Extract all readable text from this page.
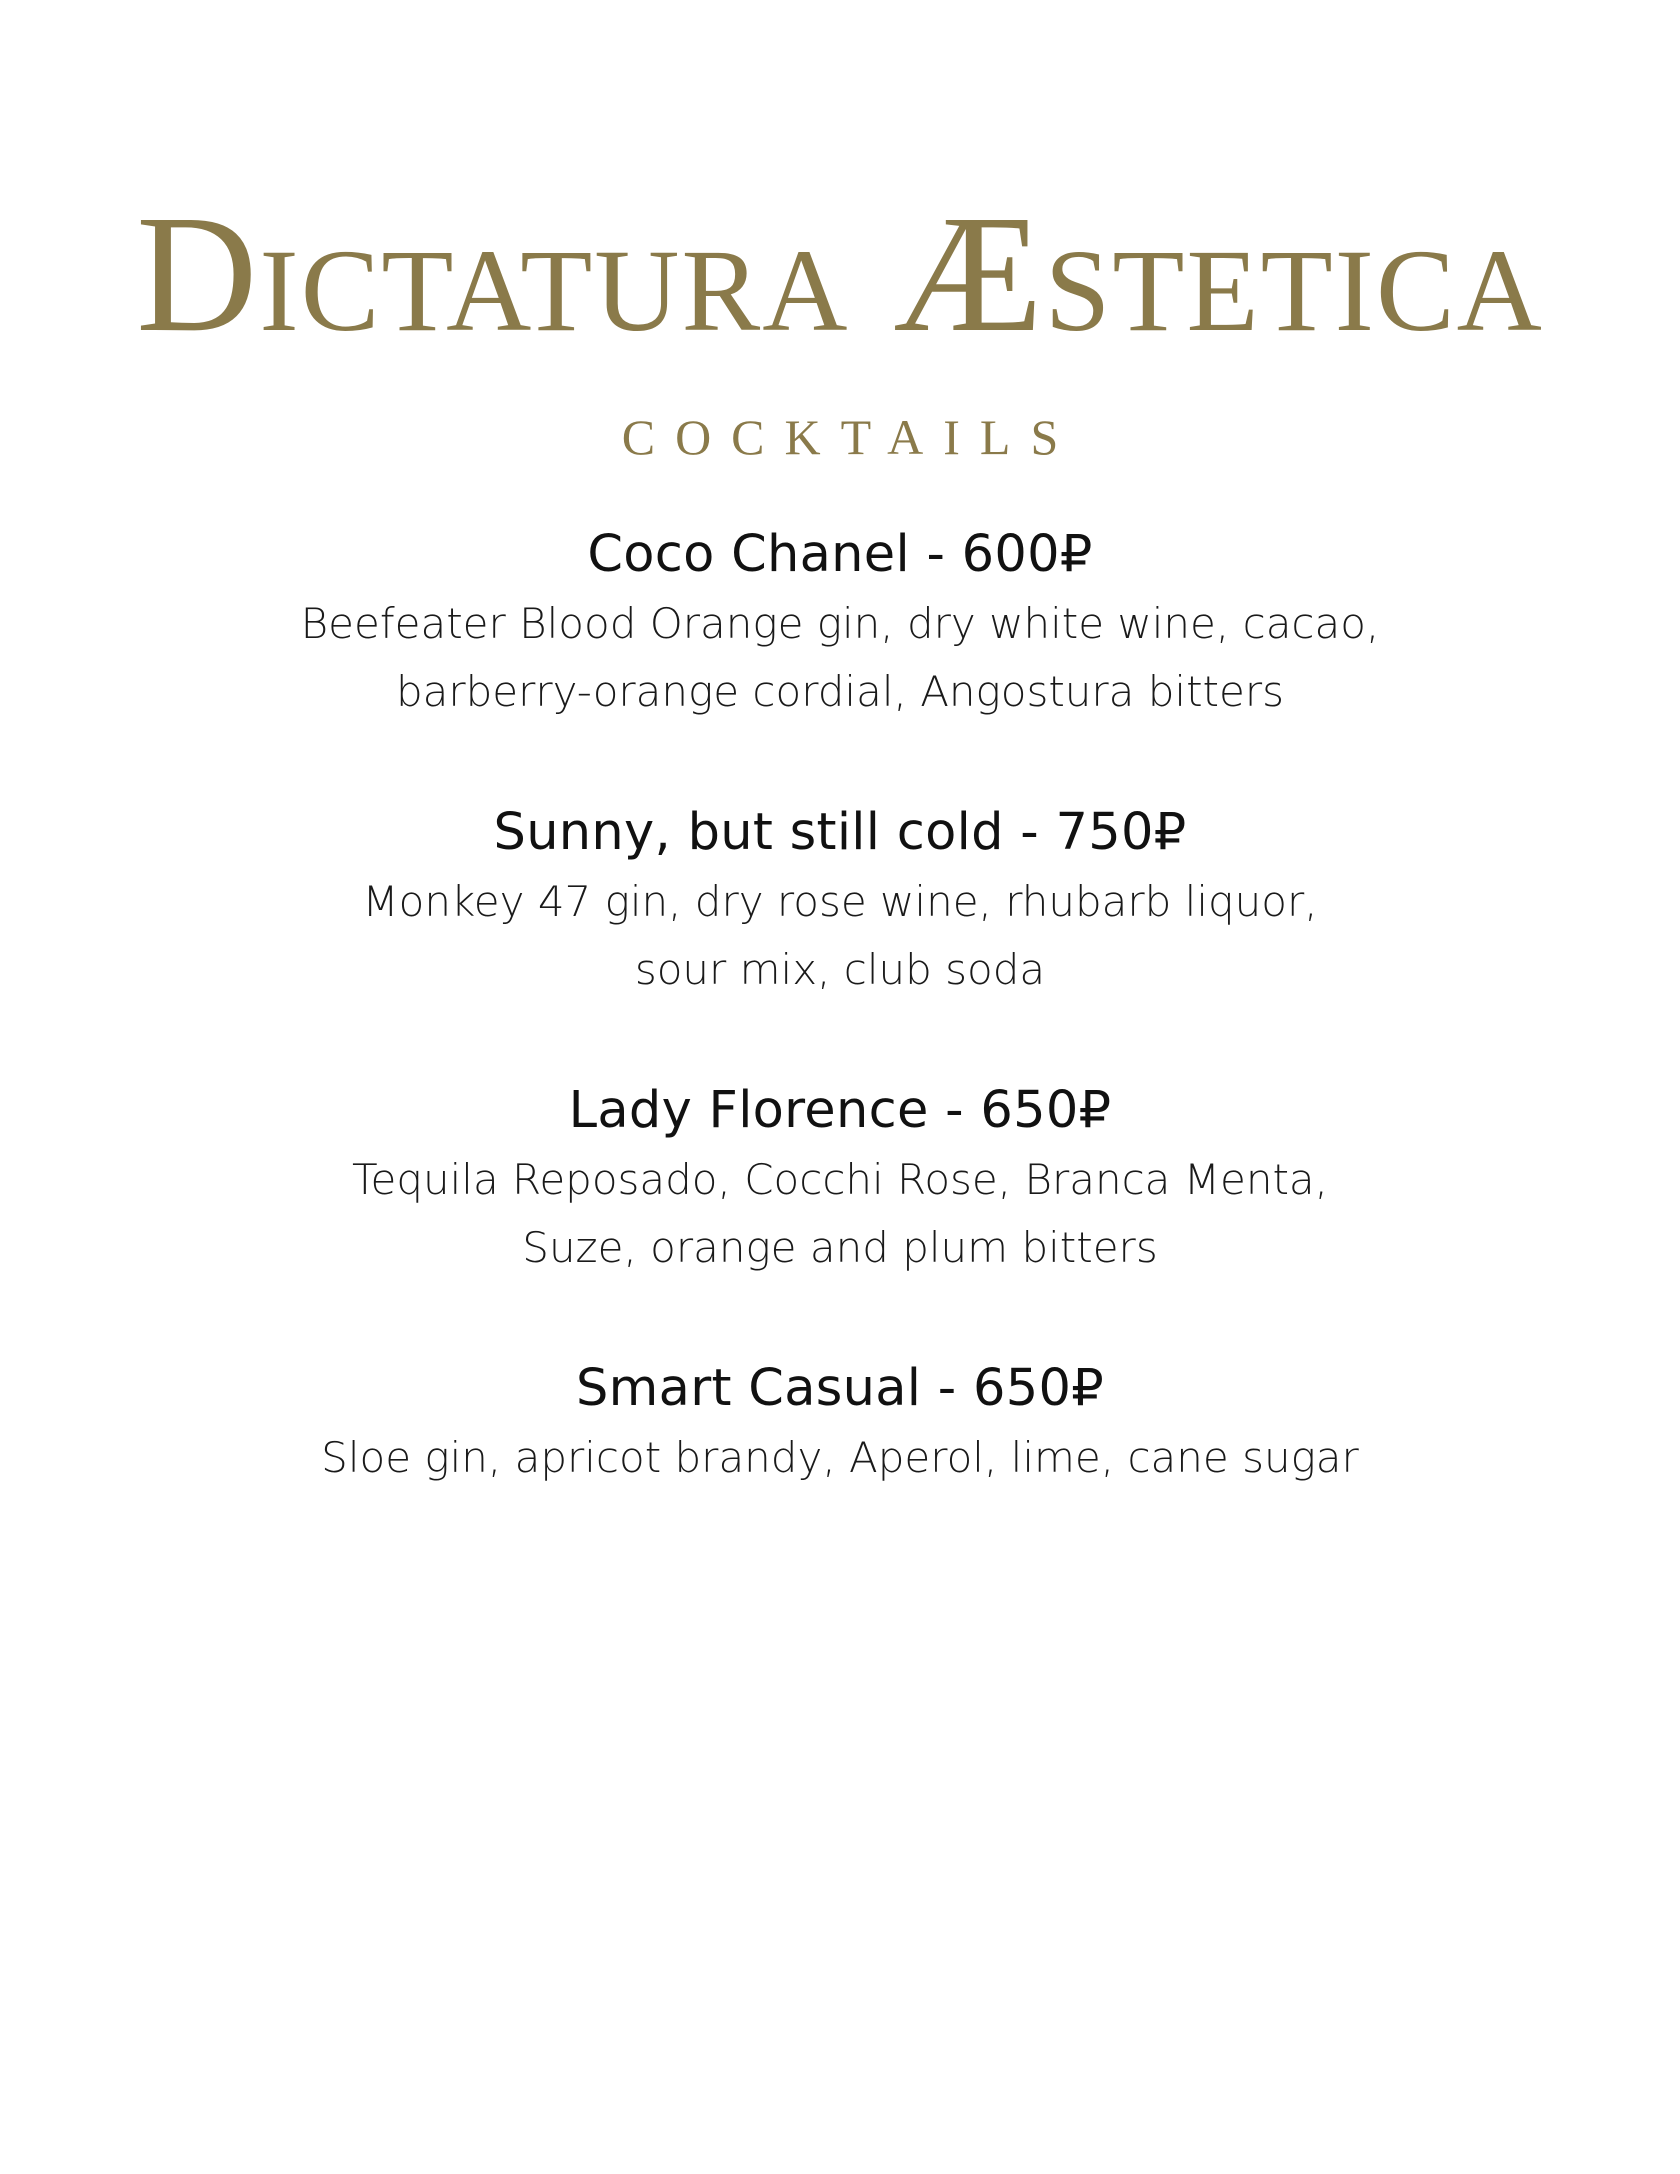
Dictatura Æstetica
COCKTAILS

Coco Chanel - 600₽

Beefeater Blood Orange gin, dry white wine, cacao,
barberry-orange cordial, Angostura bitters

Sunny, but still cold - 750₽

Monkey 47 gin, dry rose wine, rhubarb liquor,
sour mix, club soda

Lady Florence - 650₽

Tequila Reposado, Cocchi Rose, Branca Menta,
Suze, orange and plum bitters

Smart Casual - 650₽

Sloe gin, apricot brandy, Aperol, lime, cane sugar
